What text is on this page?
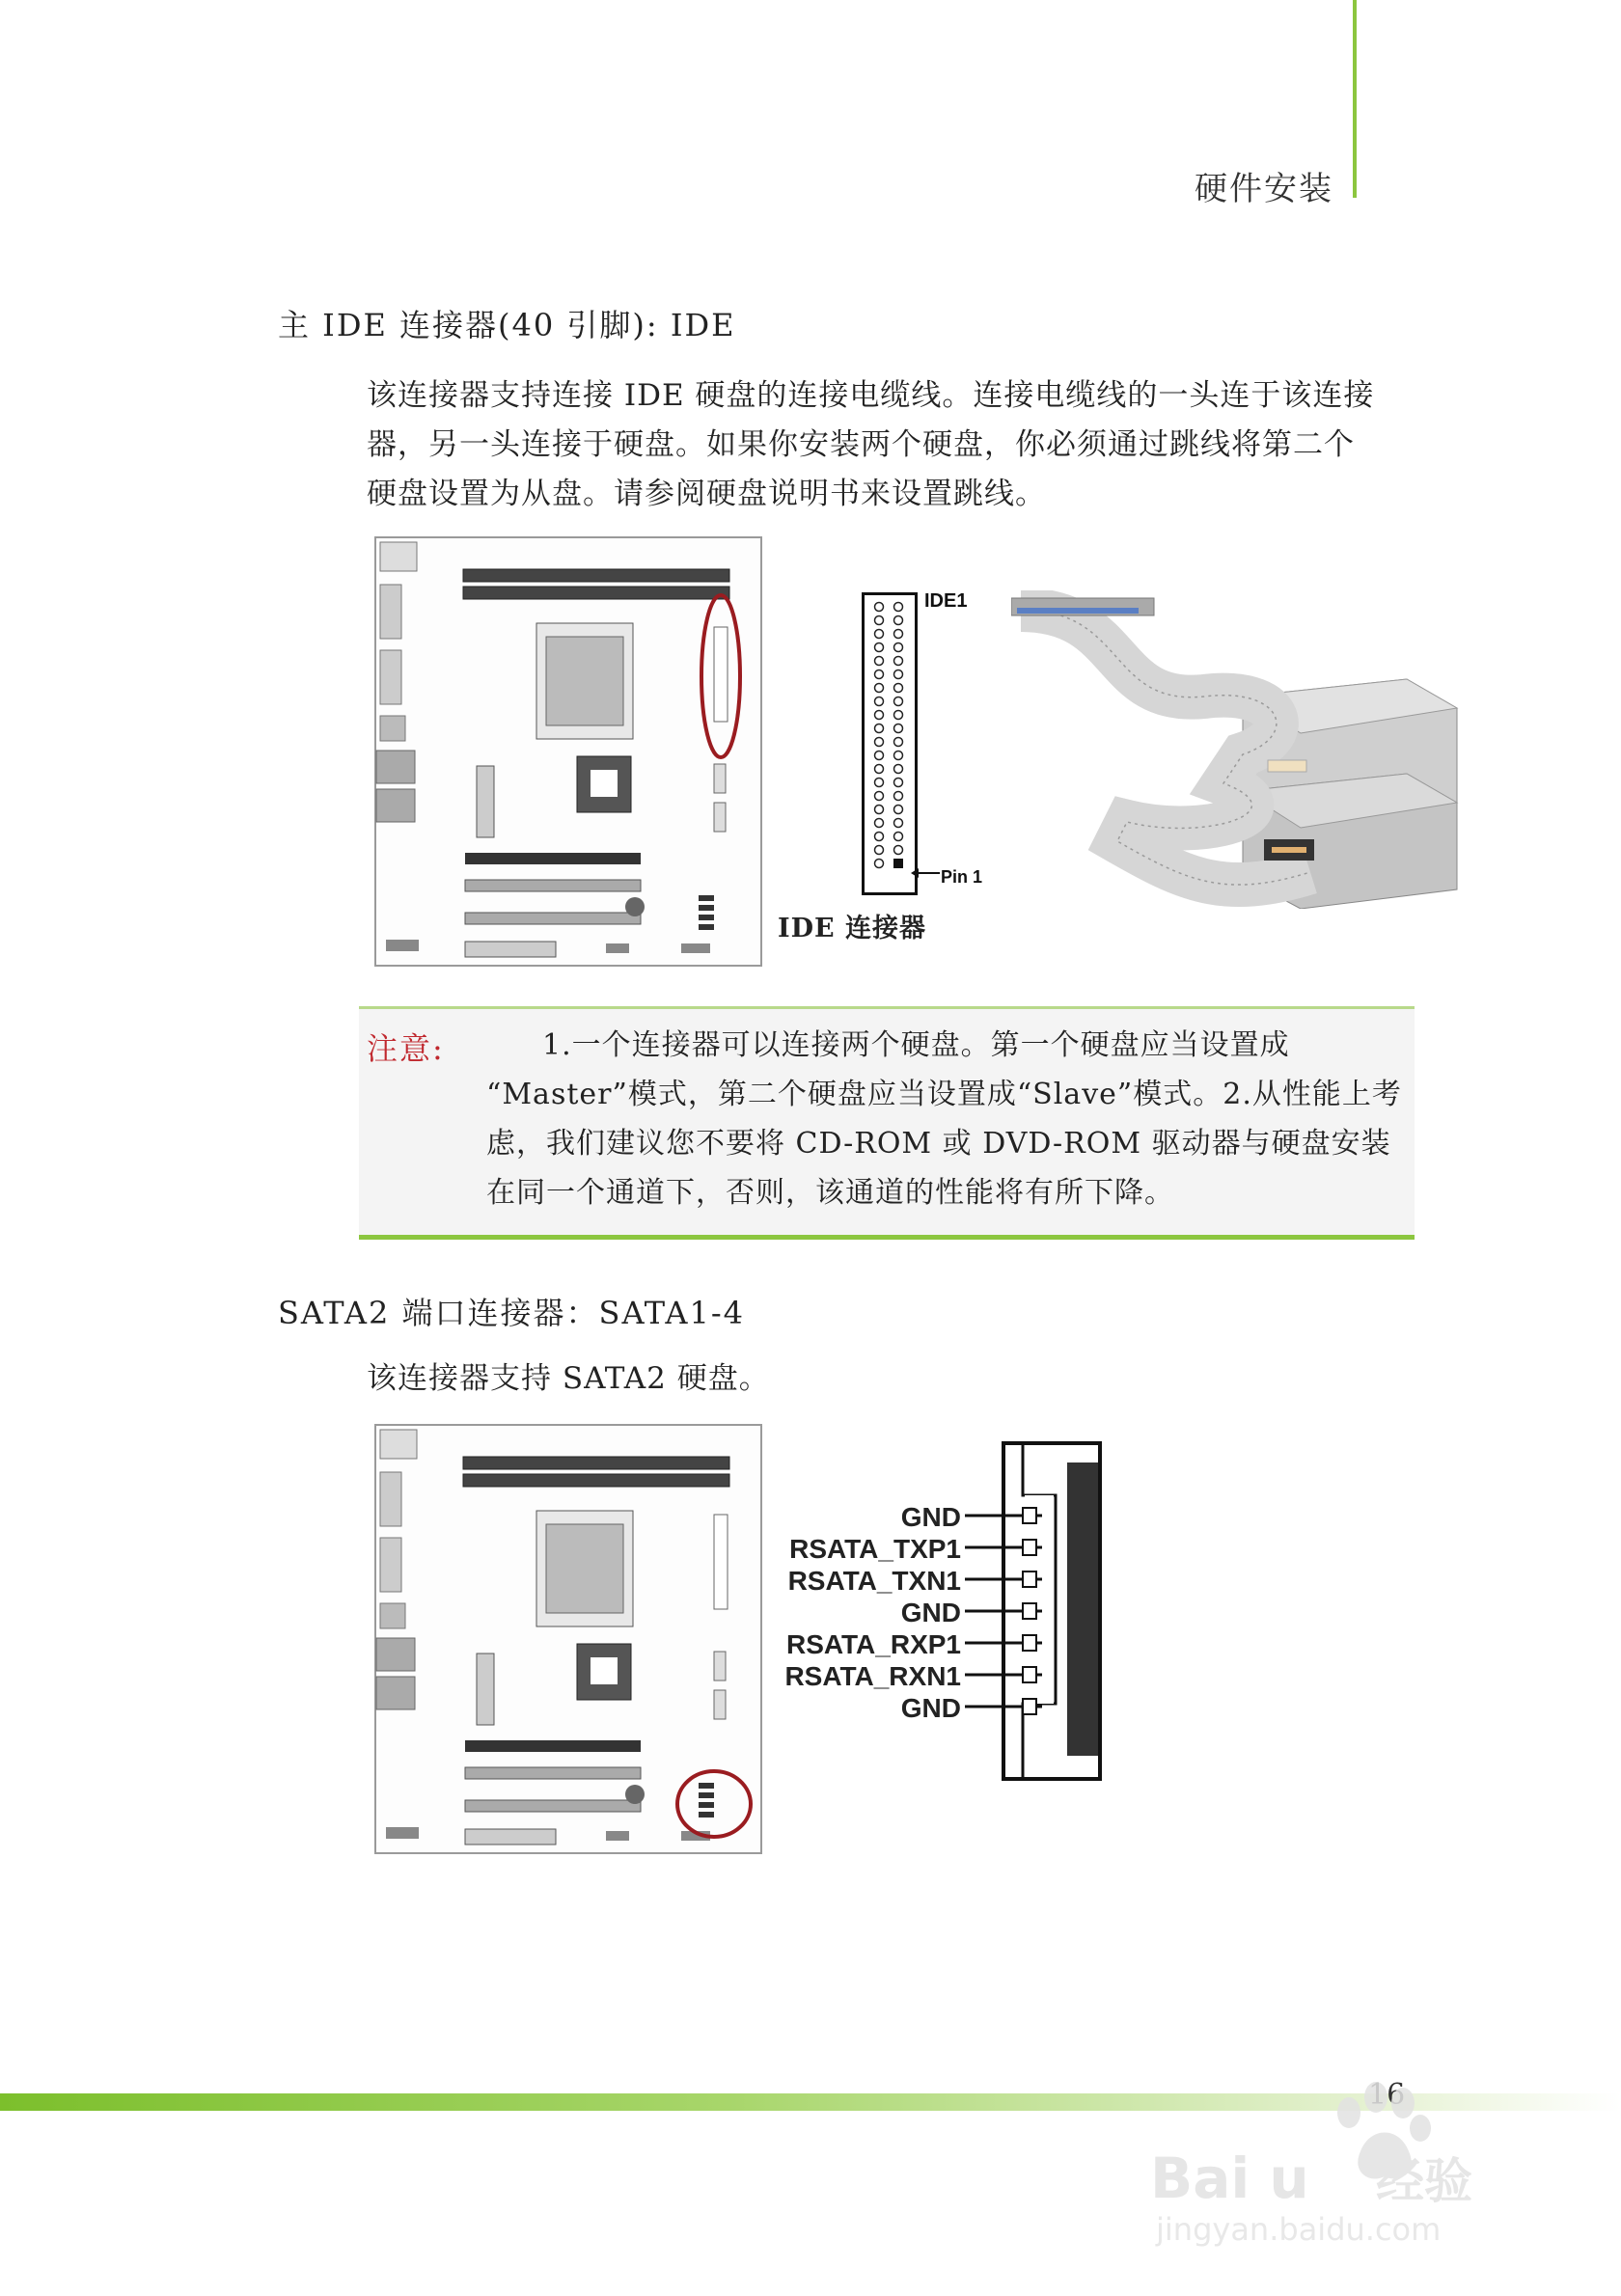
硬件安装
主 IDE 连接器(40 引脚): IDE
该连接器支持连接 IDE 硬盘的连接电缆线。连接电缆线的一头连于该连接
器，另一头连接于硬盘。如果你安装两个硬盘，你必须通过跳线将第二个
硬盘设置为从盘。请参阅硬盘说明书来设置跳线。
IDE1
Pin 1
IDE 连接器
注意:	1.一个连接器可以连接两个硬盘。第一个硬盘应当设置成
“Master”模式，第二个硬盘应当设置成“Slave”模式。2.从性能上考
虑，我们建议您不要将 CD-ROM 或 DVD-ROM 驱动器与硬盘安装
在同一个通道下，否则，该通道的性能将有所下降。
SATA2 端口连接器：SATA1-4
该连接器支持 SATA2 硬盘。
GND
RSATA_TXP1
RSATA_TXN1
GND
RSATA_RXP1
RSATA_RXN1
GND
Bai u 经验
jingyan.baidu.com
